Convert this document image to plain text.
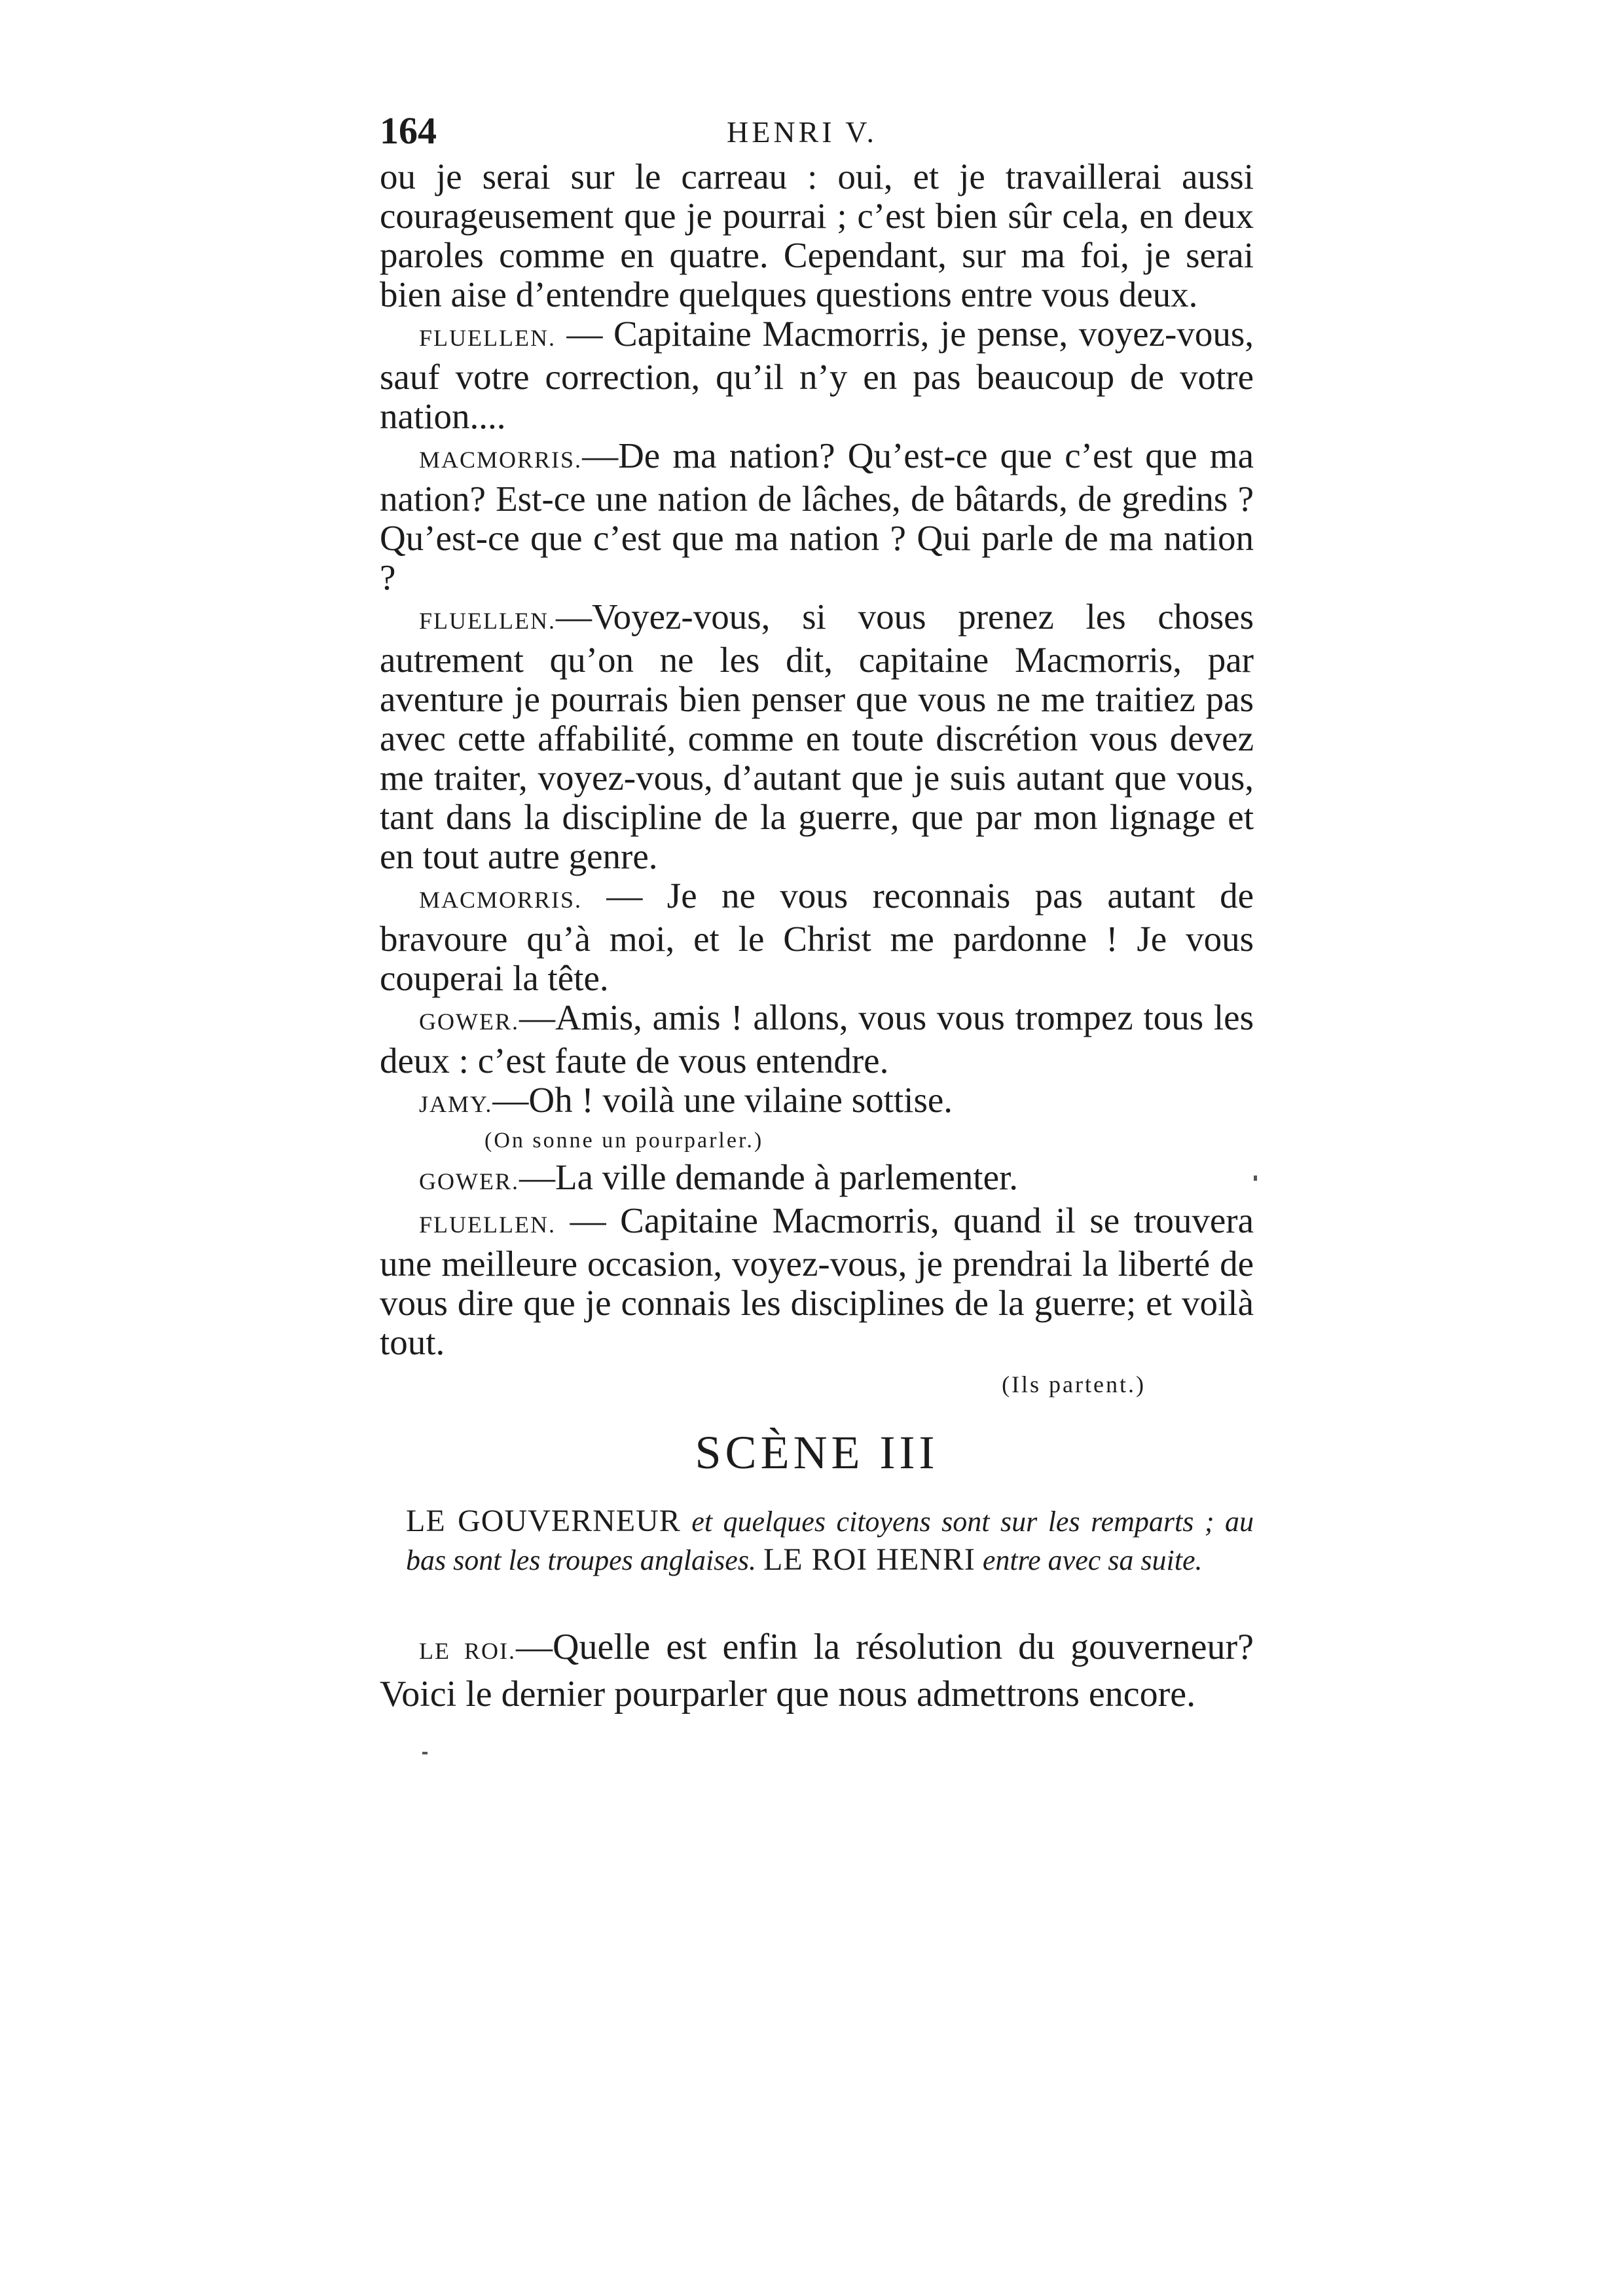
164	HENRI V.

ou je serai sur le carreau : oui, et je travaillerai aussi courageusement que je pourrai ; c’est bien sûr cela, en deux paroles comme en quatre. Cependant, sur ma foi, je serai bien aise d’entendre quelques questions entre vous deux.

FLUELLEN. — Capitaine Macmorris, je pense, voyez-vous, sauf votre correction, qu’il n’y en pas beaucoup de votre nation....

MACMORRIS.—De ma nation? Qu’est-ce que c’est que ma nation? Est-ce une nation de lâches, de bâtards, de gredins ? Qu’est-ce que c’est que ma nation ? Qui parle de ma nation ?

FLUELLEN.—Voyez-vous, si vous prenez les choses autrement qu’on ne les dit, capitaine Macmorris, par aventure je pourrais bien penser que vous ne me traitiez pas avec cette affabilité, comme en toute discrétion vous devez me traiter, voyez-vous, d’autant que je suis autant que vous, tant dans la discipline de la guerre, que par mon lignage et en tout autre genre.

MACMORRIS. — Je ne vous reconnais pas autant de bravoure qu’à moi, et le Christ me pardonne ! Je vous couperai la tête.

GOWER.—Amis, amis ! allons, vous vous trompez tous les deux : c’est faute de vous entendre.

JAMY.—Oh ! voilà une vilaine sottise.

(On sonne un pourparler.)

GOWER.—La ville demande à parlementer.

FLUELLEN. — Capitaine Macmorris, quand il se trouvera une meilleure occasion, voyez-vous, je prendrai la liberté de vous dire que je connais les disciplines de la guerre; et voilà tout.

(Ils partent.)

SCÈNE III

LE GOUVERNEUR et quelques citoyens sont sur les remparts ; au bas sont les troupes anglaises. LE ROI HENRI entre avec sa suite.

LE ROI.—Quelle est enfin la résolution du gouverneur? Voici le dernier pourparler que nous admettrons encore.
